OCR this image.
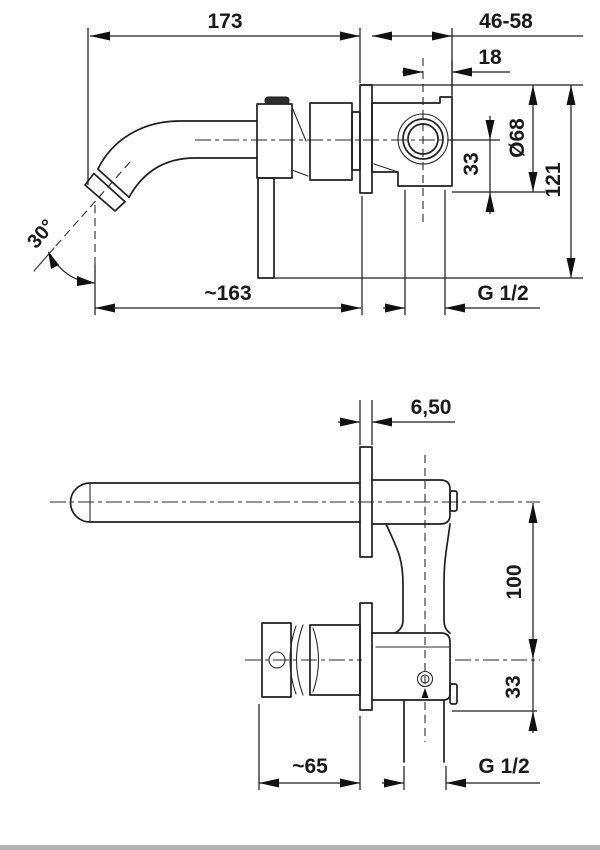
173	46-58
18
Ø68
33	121
~163	G 1/2
30°
6,50
100
33
~65	G 1/2
